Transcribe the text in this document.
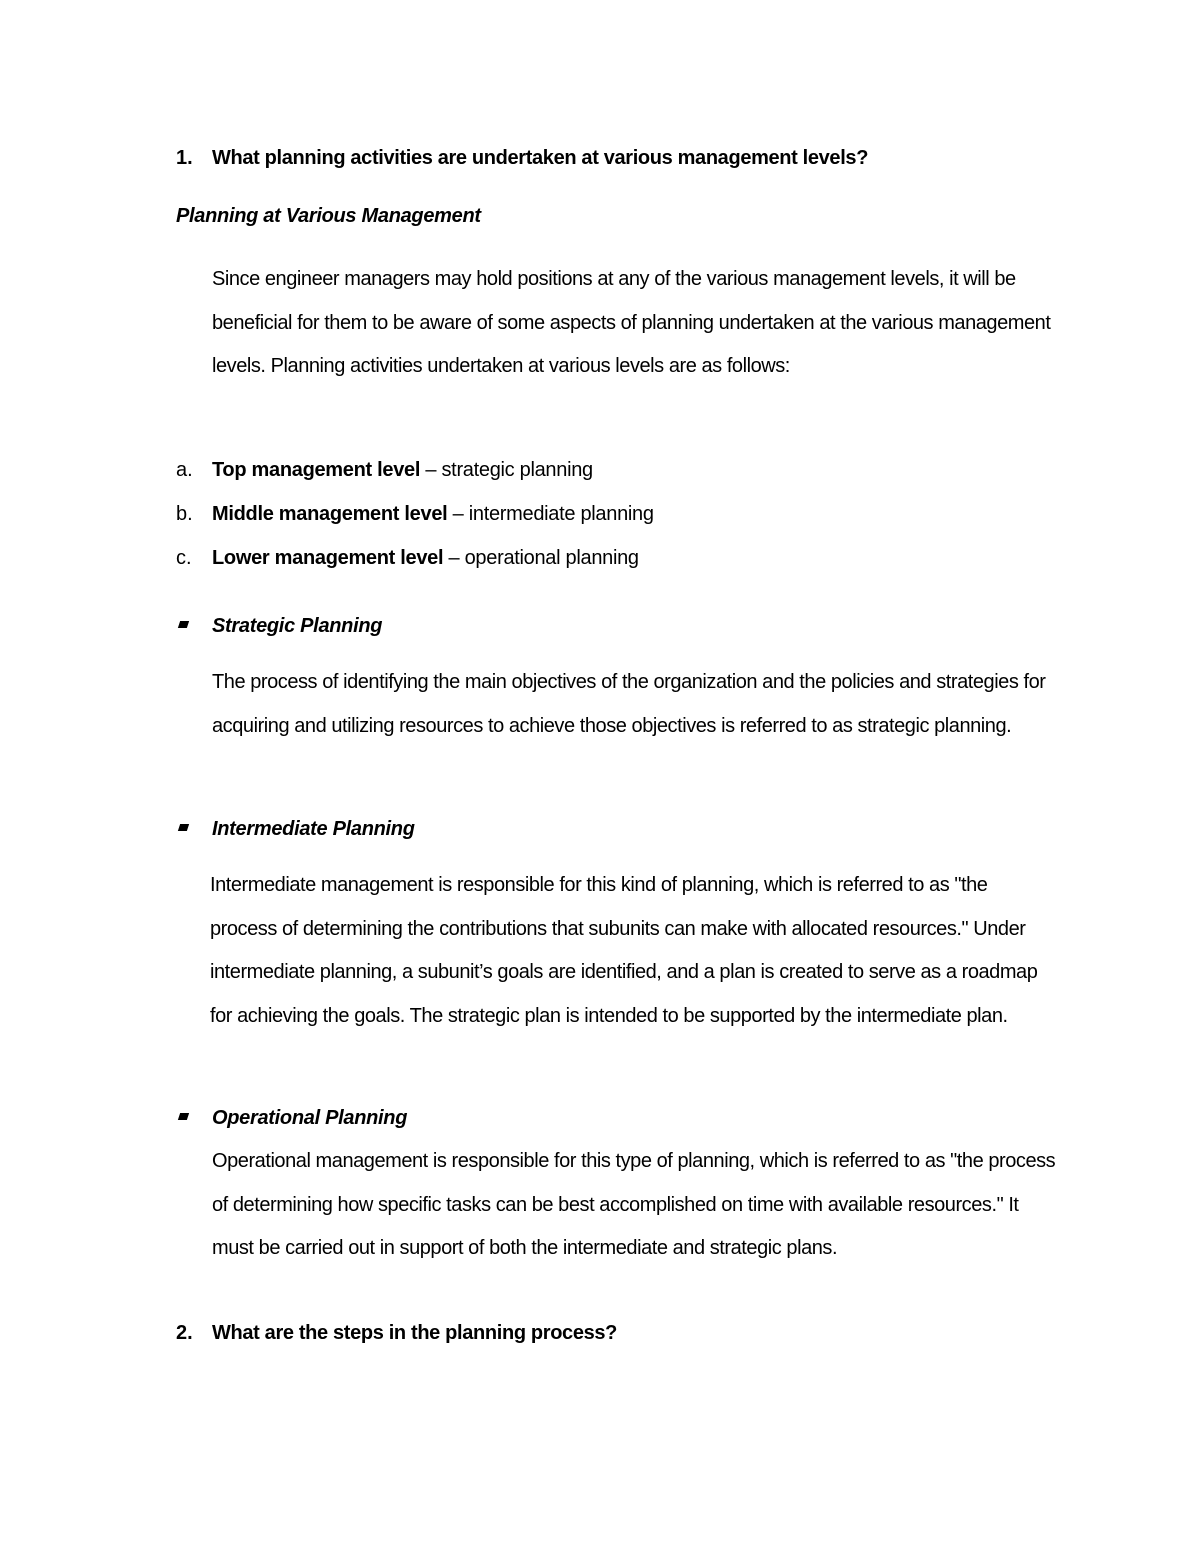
1. What planning activities are undertaken at various management levels?
Planning at Various Management
Since engineer managers may hold positions at any of the various management levels, it will be beneficial for them to be aware of some aspects of planning undertaken at the various management levels. Planning activities undertaken at various levels are as follows:
a. Top management level – strategic planning
b. Middle management level – intermediate planning
c. Lower management level – operational planning
Strategic Planning
The process of identifying the main objectives of the organization and the policies and strategies for acquiring and utilizing resources to achieve those objectives is referred to as strategic planning.
Intermediate Planning
Intermediate management is responsible for this kind of planning, which is referred to as "the process of determining the contributions that subunits can make with allocated resources." Under intermediate planning, a subunit’s goals are identified, and a plan is created to serve as a roadmap for achieving the goals. The strategic plan is intended to be supported by the intermediate plan.
Operational Planning
Operational management is responsible for this type of planning, which is referred to as "the process of determining how specific tasks can be best accomplished on time with available resources." It must be carried out in support of both the intermediate and strategic plans.
2. What are the steps in the planning process?
